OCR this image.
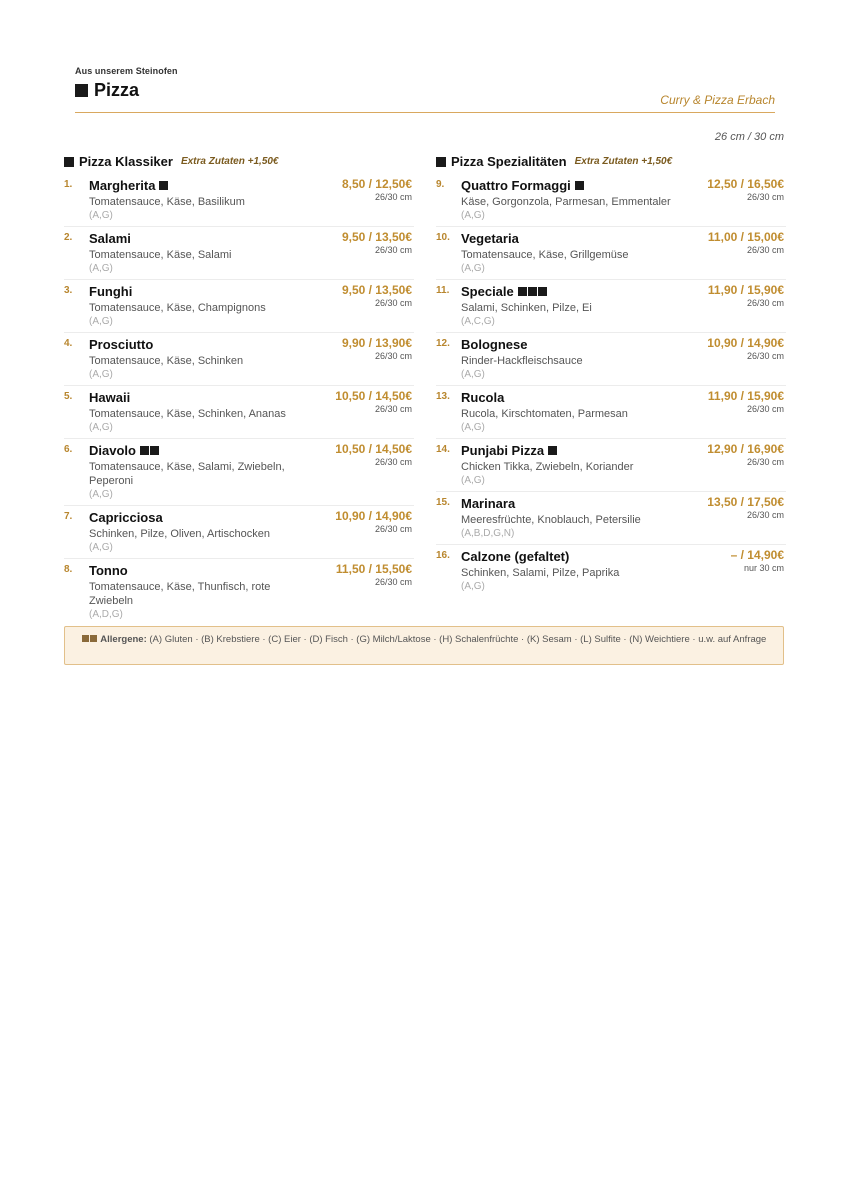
Aus unserem Steinofen
Pizza	Curry & Pizza Erbach
26 cm / 30 cm
Pizza Klassiker Extra Zutaten +1,50€
1.	Margherita
Tomatensauce, Käse, Basilikum
(A,G)
8,50 / 12,50€
26/30 cm
2.	Salami
Tomatensauce, Käse, Salami
(A,G)
9,50 / 13,50€
26/30 cm
3.	Funghi
Tomatensauce, Käse, Champignons
(A,G)
9,50 / 13,50€
26/30 cm
4.	Prosciutto
Tomatensauce, Käse, Schinken
(A,G)
9,90 / 13,90€
26/30 cm
5.	Hawaii
Tomatensauce, Käse, Schinken, Ananas
(A,G)
10,50 / 14,50€
26/30 cm
6.	Diavolo
Tomatensauce, Käse, Salami, Zwiebeln, Peperoni
(A,G)
10,50 / 14,50€
26/30 cm
7.	Capricciosa
Schinken, Pilze, Oliven, Artischocken
(A,G)
10,90 / 14,90€
26/30 cm
8.	Tonno
Tomatensauce, Käse, Thunfisch, rote Zwiebeln
(A,D,G)
11,50 / 15,50€
26/30 cm
Pizza Spezialitäten Extra Zutaten +1,50€
9.	Quattro Formaggi
Käse, Gorgonzola, Parmesan, Emmentaler
(A,G)
12,50 / 16,50€
26/30 cm
10. Vegetaria
Tomatensauce, Käse, Grillgemüse
(A,G)
11,00 / 15,00€
26/30 cm
11. Speciale
Salami, Schinken, Pilze, Ei
(A,C,G)
11,90 / 15,90€
26/30 cm
12. Bolognese
Rinder-Hackfleischsauce
(A,G)
10,90 / 14,90€
26/30 cm
13. Rucola
Rucola, Kirschtomaten, Parmesan
(A,G)
11,90 / 15,90€
26/30 cm
14. Punjabi Pizza
Chicken Tikka, Zwiebeln, Koriander
(A,G)
12,90 / 16,90€
26/30 cm
15. Marinara
Meeresfrüchte, Knoblauch, Petersilie
(A,B,D,G,N)
13,50 / 17,50€
26/30 cm
16. Calzone (gefaltet)
Schinken, Salami, Pilze, Paprika
(A,G)
– / 14,90€
nur 30 cm
Allergene: (A) Gluten · (B) Krebstiere · (C) Eier · (D) Fisch · (G) Milch/Laktose · (H) Schalenfrüchte · (K) Sesam · (L) Sulfite · (N) Weichtiere · u.w. auf Anfrage
